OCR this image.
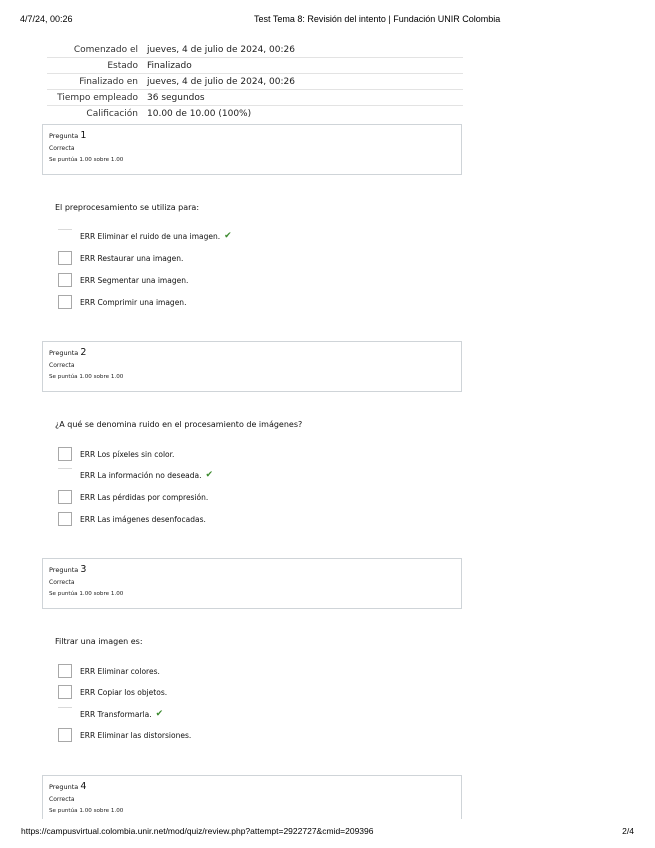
4/7/24, 00:26	Test Tema 8: Revisión del intento | Fundación UNIR Colombia
Comenzado el	jueves, 4 de julio de 2024, 00:26
Estado	Finalizado
Finalizado en	jueves, 4 de julio de 2024, 00:26
Tiempo empleado	36 segundos
Calificación	10.00 de 10.00 (100%)
Pregunta 1
Correcta
Se puntúa 1.00 sobre 1.00
El preprocesamiento se utiliza para:
ERR Eliminar el ruido de una imagen. ✔
ERR Restaurar una imagen.
ERR Segmentar una imagen.
ERR Comprimir una imagen.
Pregunta 2
Correcta
Se puntúa 1.00 sobre 1.00
¿A qué se denomina ruido en el procesamiento de imágenes?
ERR Los píxeles sin color.
ERR La información no deseada. ✔
ERR Las pérdidas por compresión.
ERR Las imágenes desenfocadas.
Pregunta 3
Correcta
Se puntúa 1.00 sobre 1.00
Filtrar una imagen es:
ERR Eliminar colores.
ERR Copiar los objetos.
ERR Transformarla. ✔
ERR Eliminar las distorsiones.
Pregunta 4
Correcta
Se puntúa 1.00 sobre 1.00
https://campusvirtual.colombia.unir.net/mod/quiz/review.php?attempt=2922727&cmid=209396	2/4
